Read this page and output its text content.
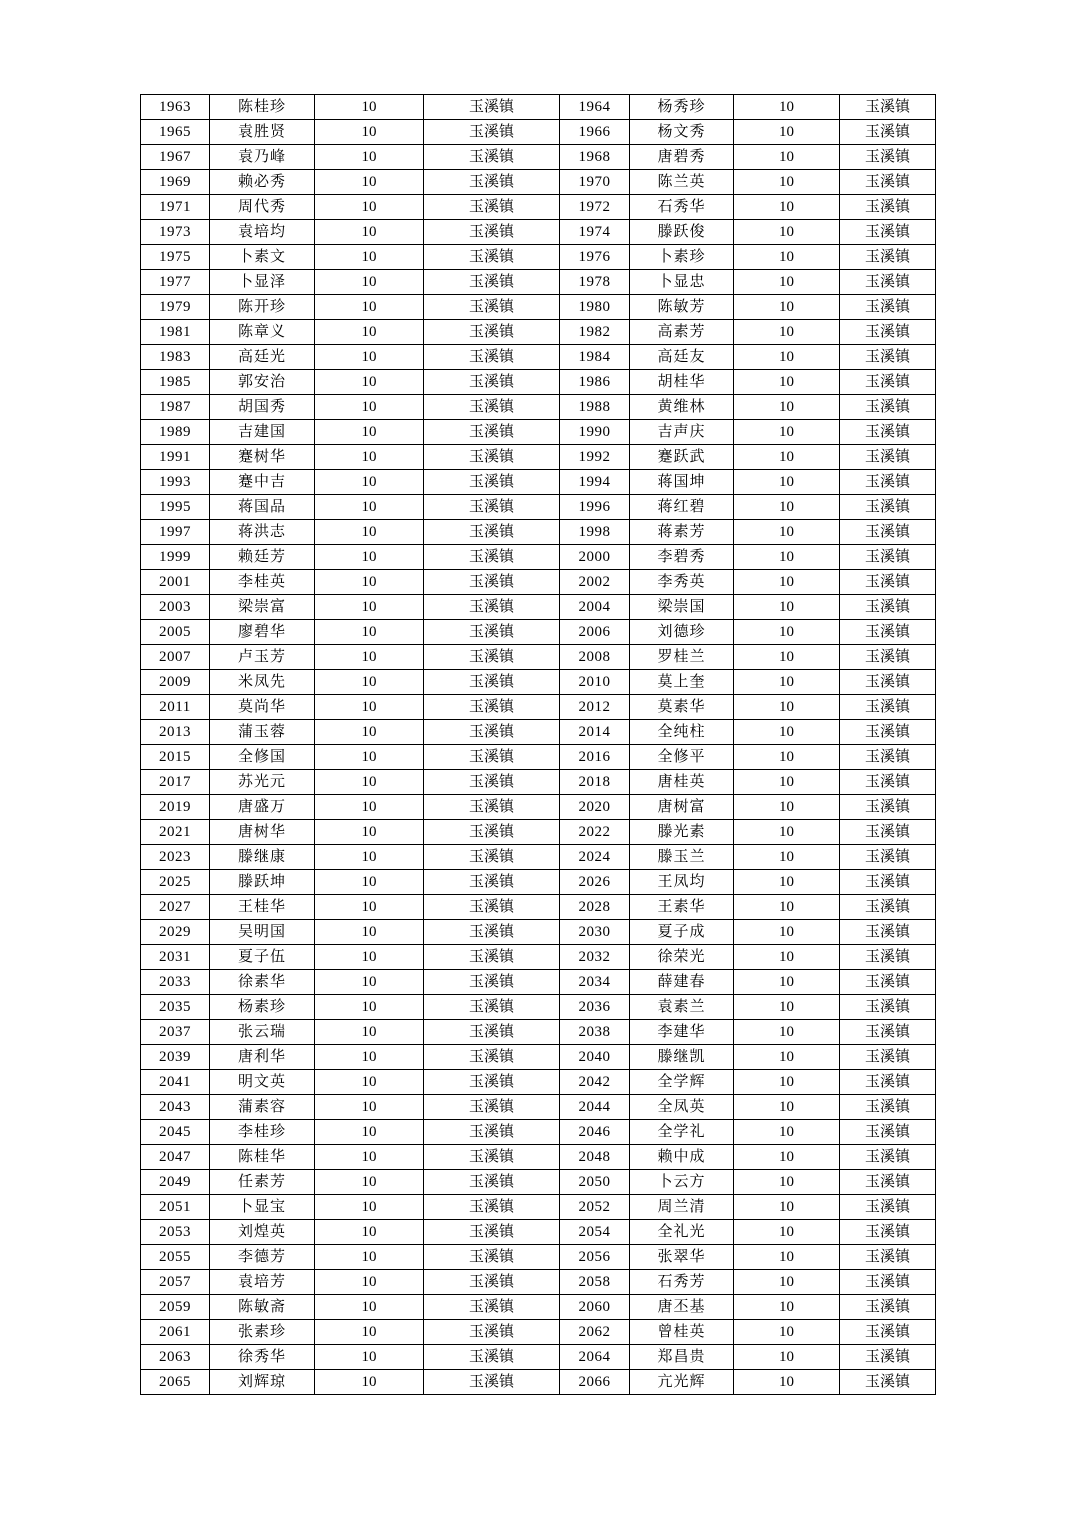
1963	陈桂珍	10	玉溪镇	1964	杨秀珍	10	玉溪镇
1965	袁胜贤	10	玉溪镇	1966	杨文秀	10	玉溪镇
1967	袁乃峰	10	玉溪镇	1968	唐碧秀	10	玉溪镇
1969	赖必秀	10	玉溪镇	1970	陈兰英	10	玉溪镇
1971	周代秀	10	玉溪镇	1972	石秀华	10	玉溪镇
1973	袁培均	10	玉溪镇	1974	滕跃俊	10	玉溪镇
1975	卜素文	10	玉溪镇	1976	卜素珍	10	玉溪镇
1977	卜显泽	10	玉溪镇	1978	卜显忠	10	玉溪镇
1979	陈开珍	10	玉溪镇	1980	陈敏芳	10	玉溪镇
1981	陈章义	10	玉溪镇	1982	高素芳	10	玉溪镇
1983	高廷光	10	玉溪镇	1984	高廷友	10	玉溪镇
1985	郭安治	10	玉溪镇	1986	胡桂华	10	玉溪镇
1987	胡国秀	10	玉溪镇	1988	黄维林	10	玉溪镇
1989	吉建国	10	玉溪镇	1990	吉声庆	10	玉溪镇
1991	蹇树华	10	玉溪镇	1992	蹇跃武	10	玉溪镇
1993	蹇中吉	10	玉溪镇	1994	蒋国坤	10	玉溪镇
1995	蒋国品	10	玉溪镇	1996	蒋红碧	10	玉溪镇
1997	蒋洪志	10	玉溪镇	1998	蒋素芳	10	玉溪镇
1999	赖廷芳	10	玉溪镇	2000	李碧秀	10	玉溪镇
2001	李桂英	10	玉溪镇	2002	李秀英	10	玉溪镇
2003	梁崇富	10	玉溪镇	2004	梁崇国	10	玉溪镇
2005	廖碧华	10	玉溪镇	2006	刘德珍	10	玉溪镇
2007	卢玉芳	10	玉溪镇	2008	罗桂兰	10	玉溪镇
2009	米凤先	10	玉溪镇	2010	莫上奎	10	玉溪镇
2011	莫尚华	10	玉溪镇	2012	莫素华	10	玉溪镇
2013	蒲玉蓉	10	玉溪镇	2014	全纯柱	10	玉溪镇
2015	全修国	10	玉溪镇	2016	全修平	10	玉溪镇
2017	苏光元	10	玉溪镇	2018	唐桂英	10	玉溪镇
2019	唐盛万	10	玉溪镇	2020	唐树富	10	玉溪镇
2021	唐树华	10	玉溪镇	2022	滕光素	10	玉溪镇
2023	滕继康	10	玉溪镇	2024	滕玉兰	10	玉溪镇
2025	滕跃坤	10	玉溪镇	2026	王凤均	10	玉溪镇
2027	王桂华	10	玉溪镇	2028	王素华	10	玉溪镇
2029	吴明国	10	玉溪镇	2030	夏子成	10	玉溪镇
2031	夏子伍	10	玉溪镇	2032	徐荣光	10	玉溪镇
2033	徐素华	10	玉溪镇	2034	薛建春	10	玉溪镇
2035	杨素珍	10	玉溪镇	2036	袁素兰	10	玉溪镇
2037	张云瑞	10	玉溪镇	2038	李建华	10	玉溪镇
2039	唐利华	10	玉溪镇	2040	滕继凯	10	玉溪镇
2041	明文英	10	玉溪镇	2042	全学辉	10	玉溪镇
2043	蒲素容	10	玉溪镇	2044	全凤英	10	玉溪镇
2045	李桂珍	10	玉溪镇	2046	全学礼	10	玉溪镇
2047	陈桂华	10	玉溪镇	2048	赖中成	10	玉溪镇
2049	任素芳	10	玉溪镇	2050	卜云方	10	玉溪镇
2051	卜显宝	10	玉溪镇	2052	周兰清	10	玉溪镇
2053	刘煌英	10	玉溪镇	2054	全礼光	10	玉溪镇
2055	李德芳	10	玉溪镇	2056	张翠华	10	玉溪镇
2057	袁培芳	10	玉溪镇	2058	石秀芳	10	玉溪镇
2059	陈敏斋	10	玉溪镇	2060	唐丕基	10	玉溪镇
2061	张素珍	10	玉溪镇	2062	曾桂英	10	玉溪镇
2063	徐秀华	10	玉溪镇	2064	郑昌贵	10	玉溪镇
2065	刘辉琼	10	玉溪镇	2066	亢光辉	10	玉溪镇
